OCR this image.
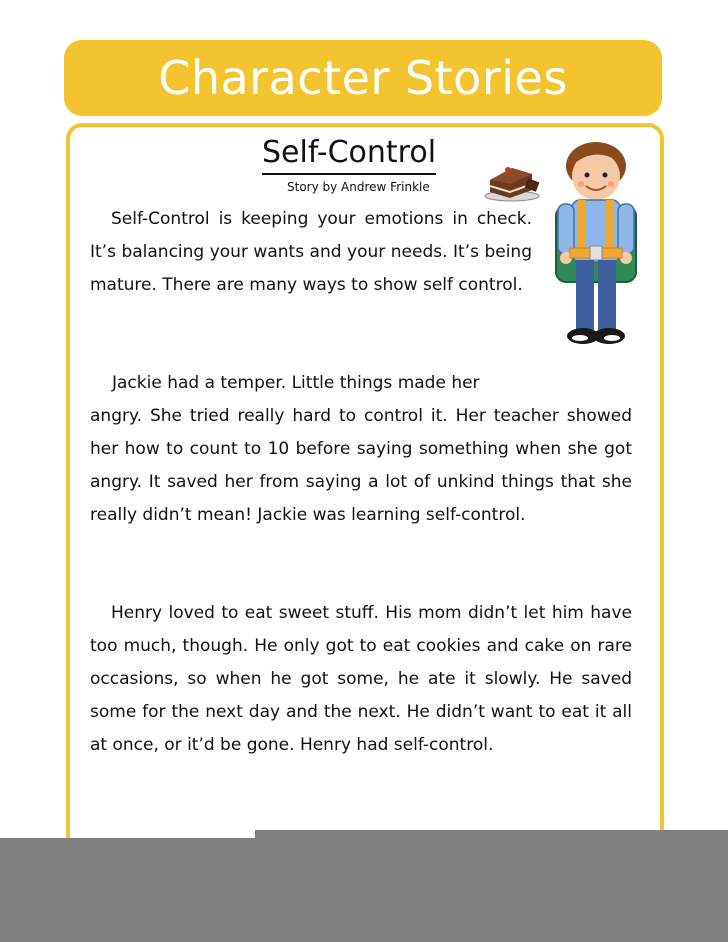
Character Stories
Self-Control
Story by Andrew Frinkle

Self-Control is keeping your emotions in check. It’s balancing your wants and your needs. It’s being mature. There are many ways to show self control.

Jackie had a temper. Little things made her

angry. She tried really hard to control it. Her teacher showed her how to count to 10 before saying something when she got angry. It saved her from saying a lot of unkind things that she really didn’t mean! Jackie was learning self-control.

Henry loved to eat sweet stuff. His mom didn’t let him have too much, though. He only got to eat cookies and cake on rare occasions, so when he got some, he ate it slowly. He saved some for the next day and the next. He didn’t want to eat it all at once, or it’d be gone. Henry had self-control.
